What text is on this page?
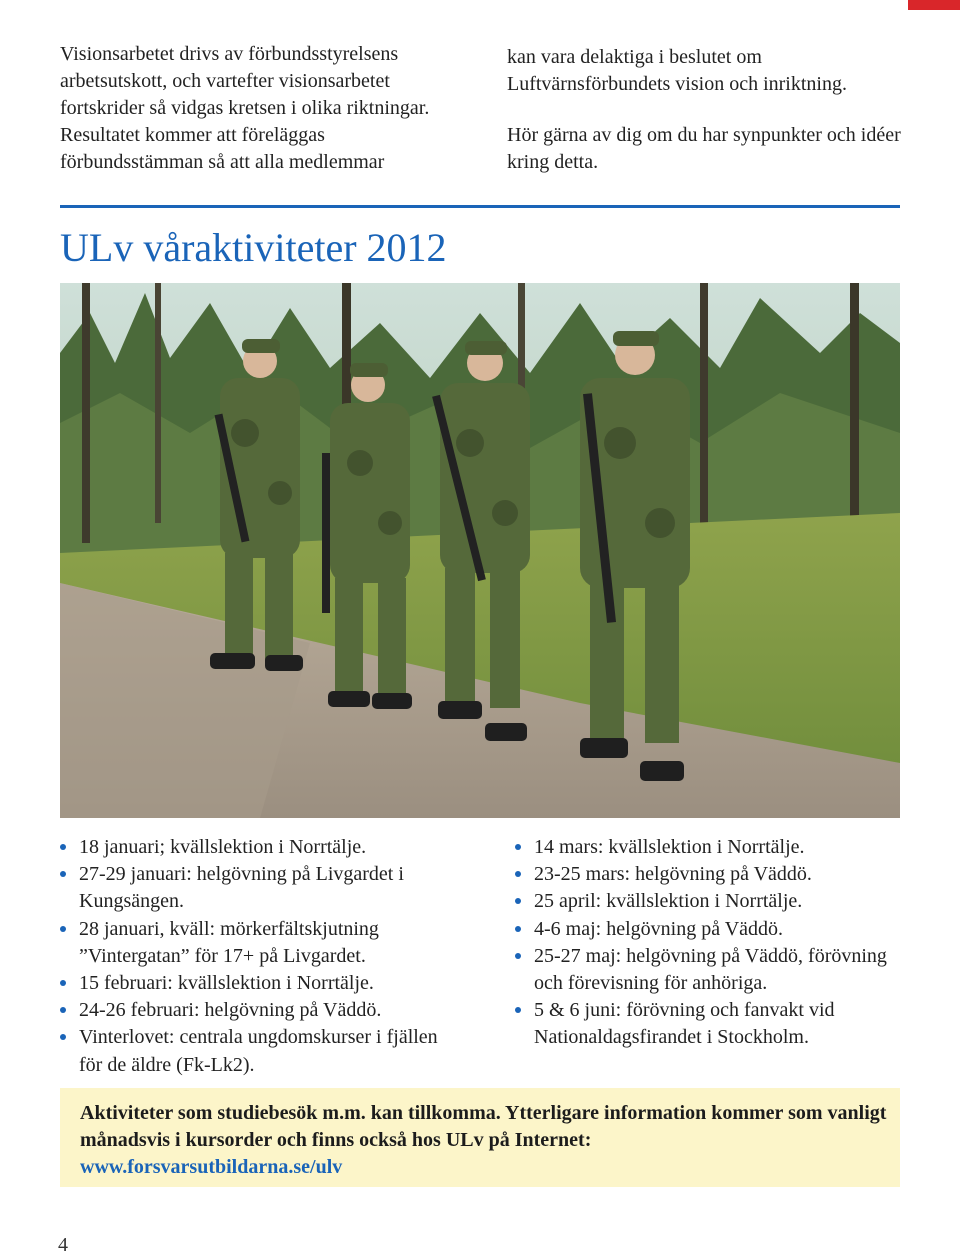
Visionsarbetet drivs av förbundsstyrelsens arbetsutskott, och vartefter visionsarbetet fortskrider så vidgas kretsen i olika riktningar. Resultatet kommer att föreläggas förbundsstämman så att alla medlemmar

kan vara delaktiga i beslutet om Luftvärnsförbundets vision och inriktning.

Hör gärna av dig om du har synpunkter och idéer kring detta.

ULv våraktiviteter 2012
18 januari; kvällslektion i Norrtälje.
27-29 januari: helgövning på Livgardet i Kungsängen.
28 januari, kväll: mörkerfältskjutning ”Vintergatan” för 17+ på Livgardet.
15 februari: kvällslektion i Norrtälje.
24-26 februari: helgövning på Väddö.
Vinterlovet: centrala ungdomskurser i fjällen för de äldre (Fk-Lk2).
14 mars: kvällslektion i Norrtälje.
23-25 mars: helgövning på Väddö.
25 april: kvällslektion i Norrtälje.
4-6 maj: helgövning på Väddö.
25-27 maj: helgövning på Väddö, förövning och förevisning för anhöriga.
5 & 6 juni: förövning och fanvakt vid Nationaldagsfirandet i Stockholm.
Aktiviteter som studiebesök m.m. kan tillkomma. Ytterligare information kommer som vanligt månadsvis i kursorder och finns också hos ULv på Internet:
www.forsvarsutbildarna.se/ulv
4
